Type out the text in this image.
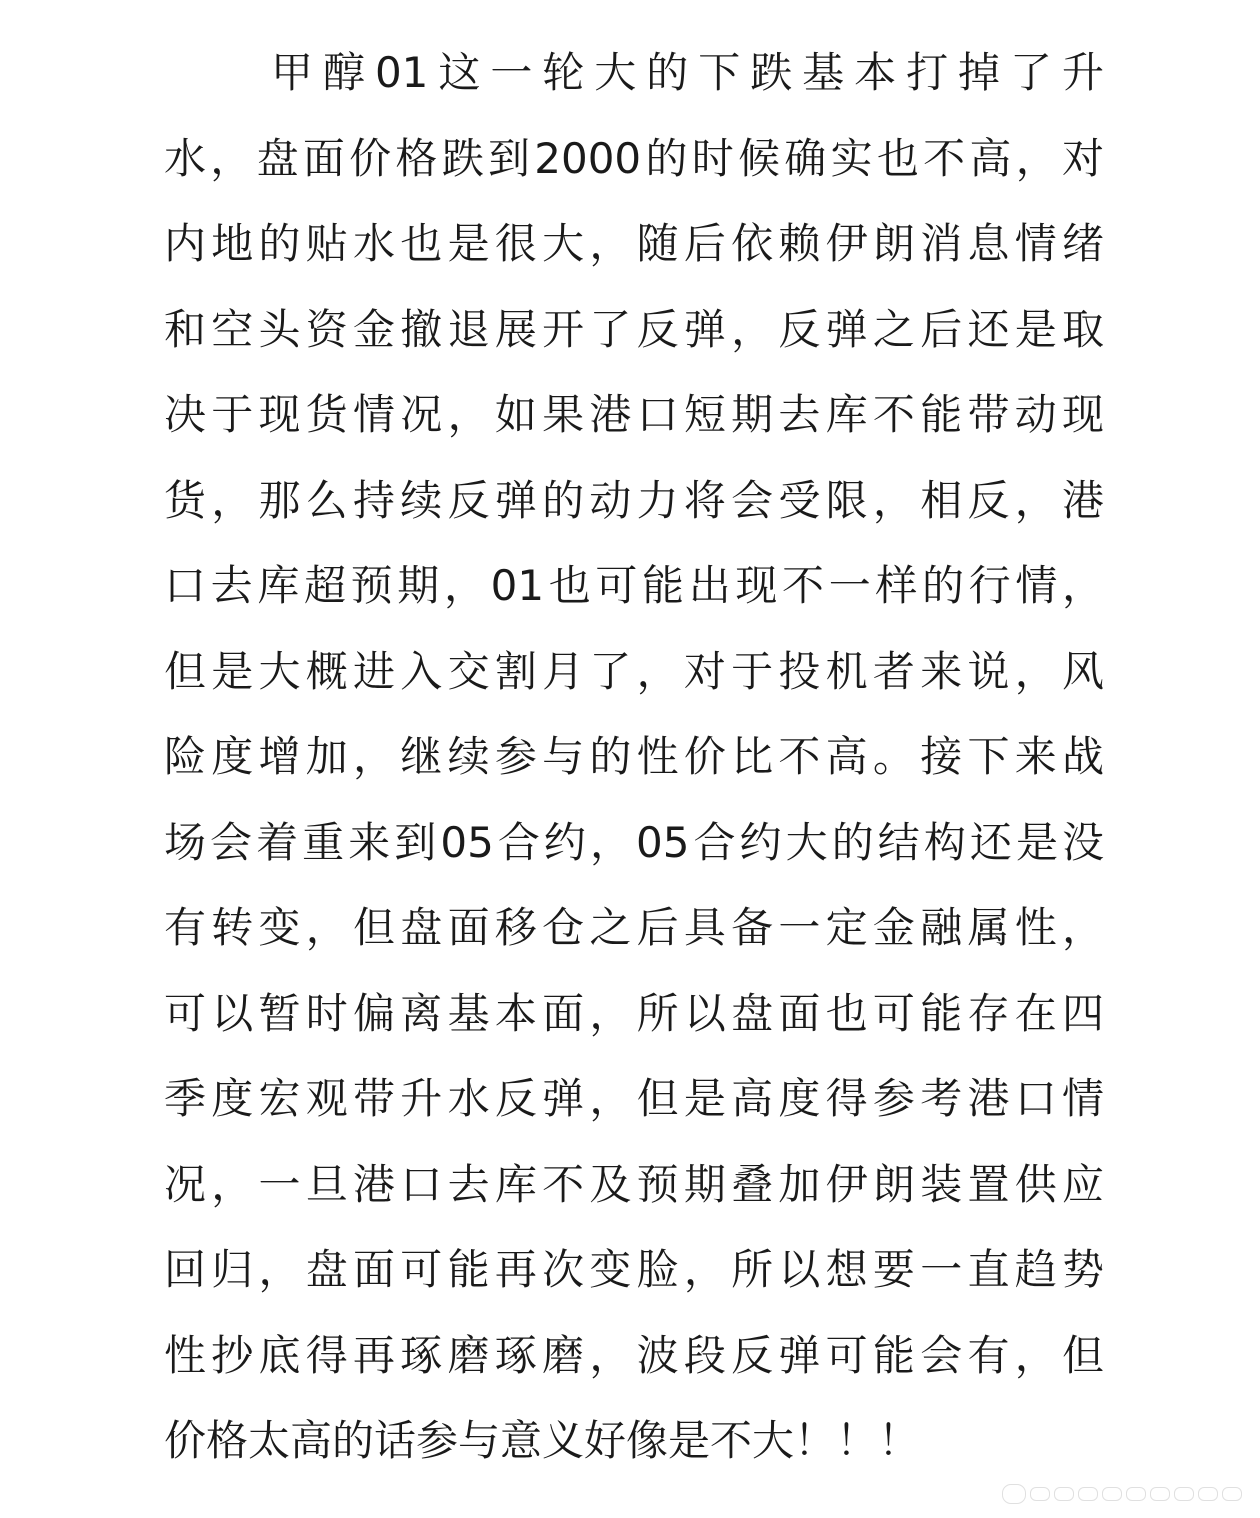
甲醇01这一轮大的下跌基本打掉了升
水，盘面价格跌到2000的时候确实也不高，对
内地的贴水也是很大，随后依赖伊朗消息情绪
和空头资金撤退展开了反弹，反弹之后还是取
决于现货情况，如果港口短期去库不能带动现
货，那么持续反弹的动力将会受限，相反，港
口去库超预期，01也可能出现不一样的行情，
但是大概进入交割月了，对于投机者来说，风
险度增加，继续参与的性价比不高。接下来战
场会着重来到05合约，05合约大的结构还是没
有转变，但盘面移仓之后具备一定金融属性，
可以暂时偏离基本面，所以盘面也可能存在四
季度宏观带升水反弹，但是高度得参考港口情
况，一旦港口去库不及预期叠加伊朗装置供应
回归，盘面可能再次变脸，所以想要一直趋势
性抄底得再琢磨琢磨，波段反弹可能会有，但
价格太高的话参与意义好像是不大！！！
